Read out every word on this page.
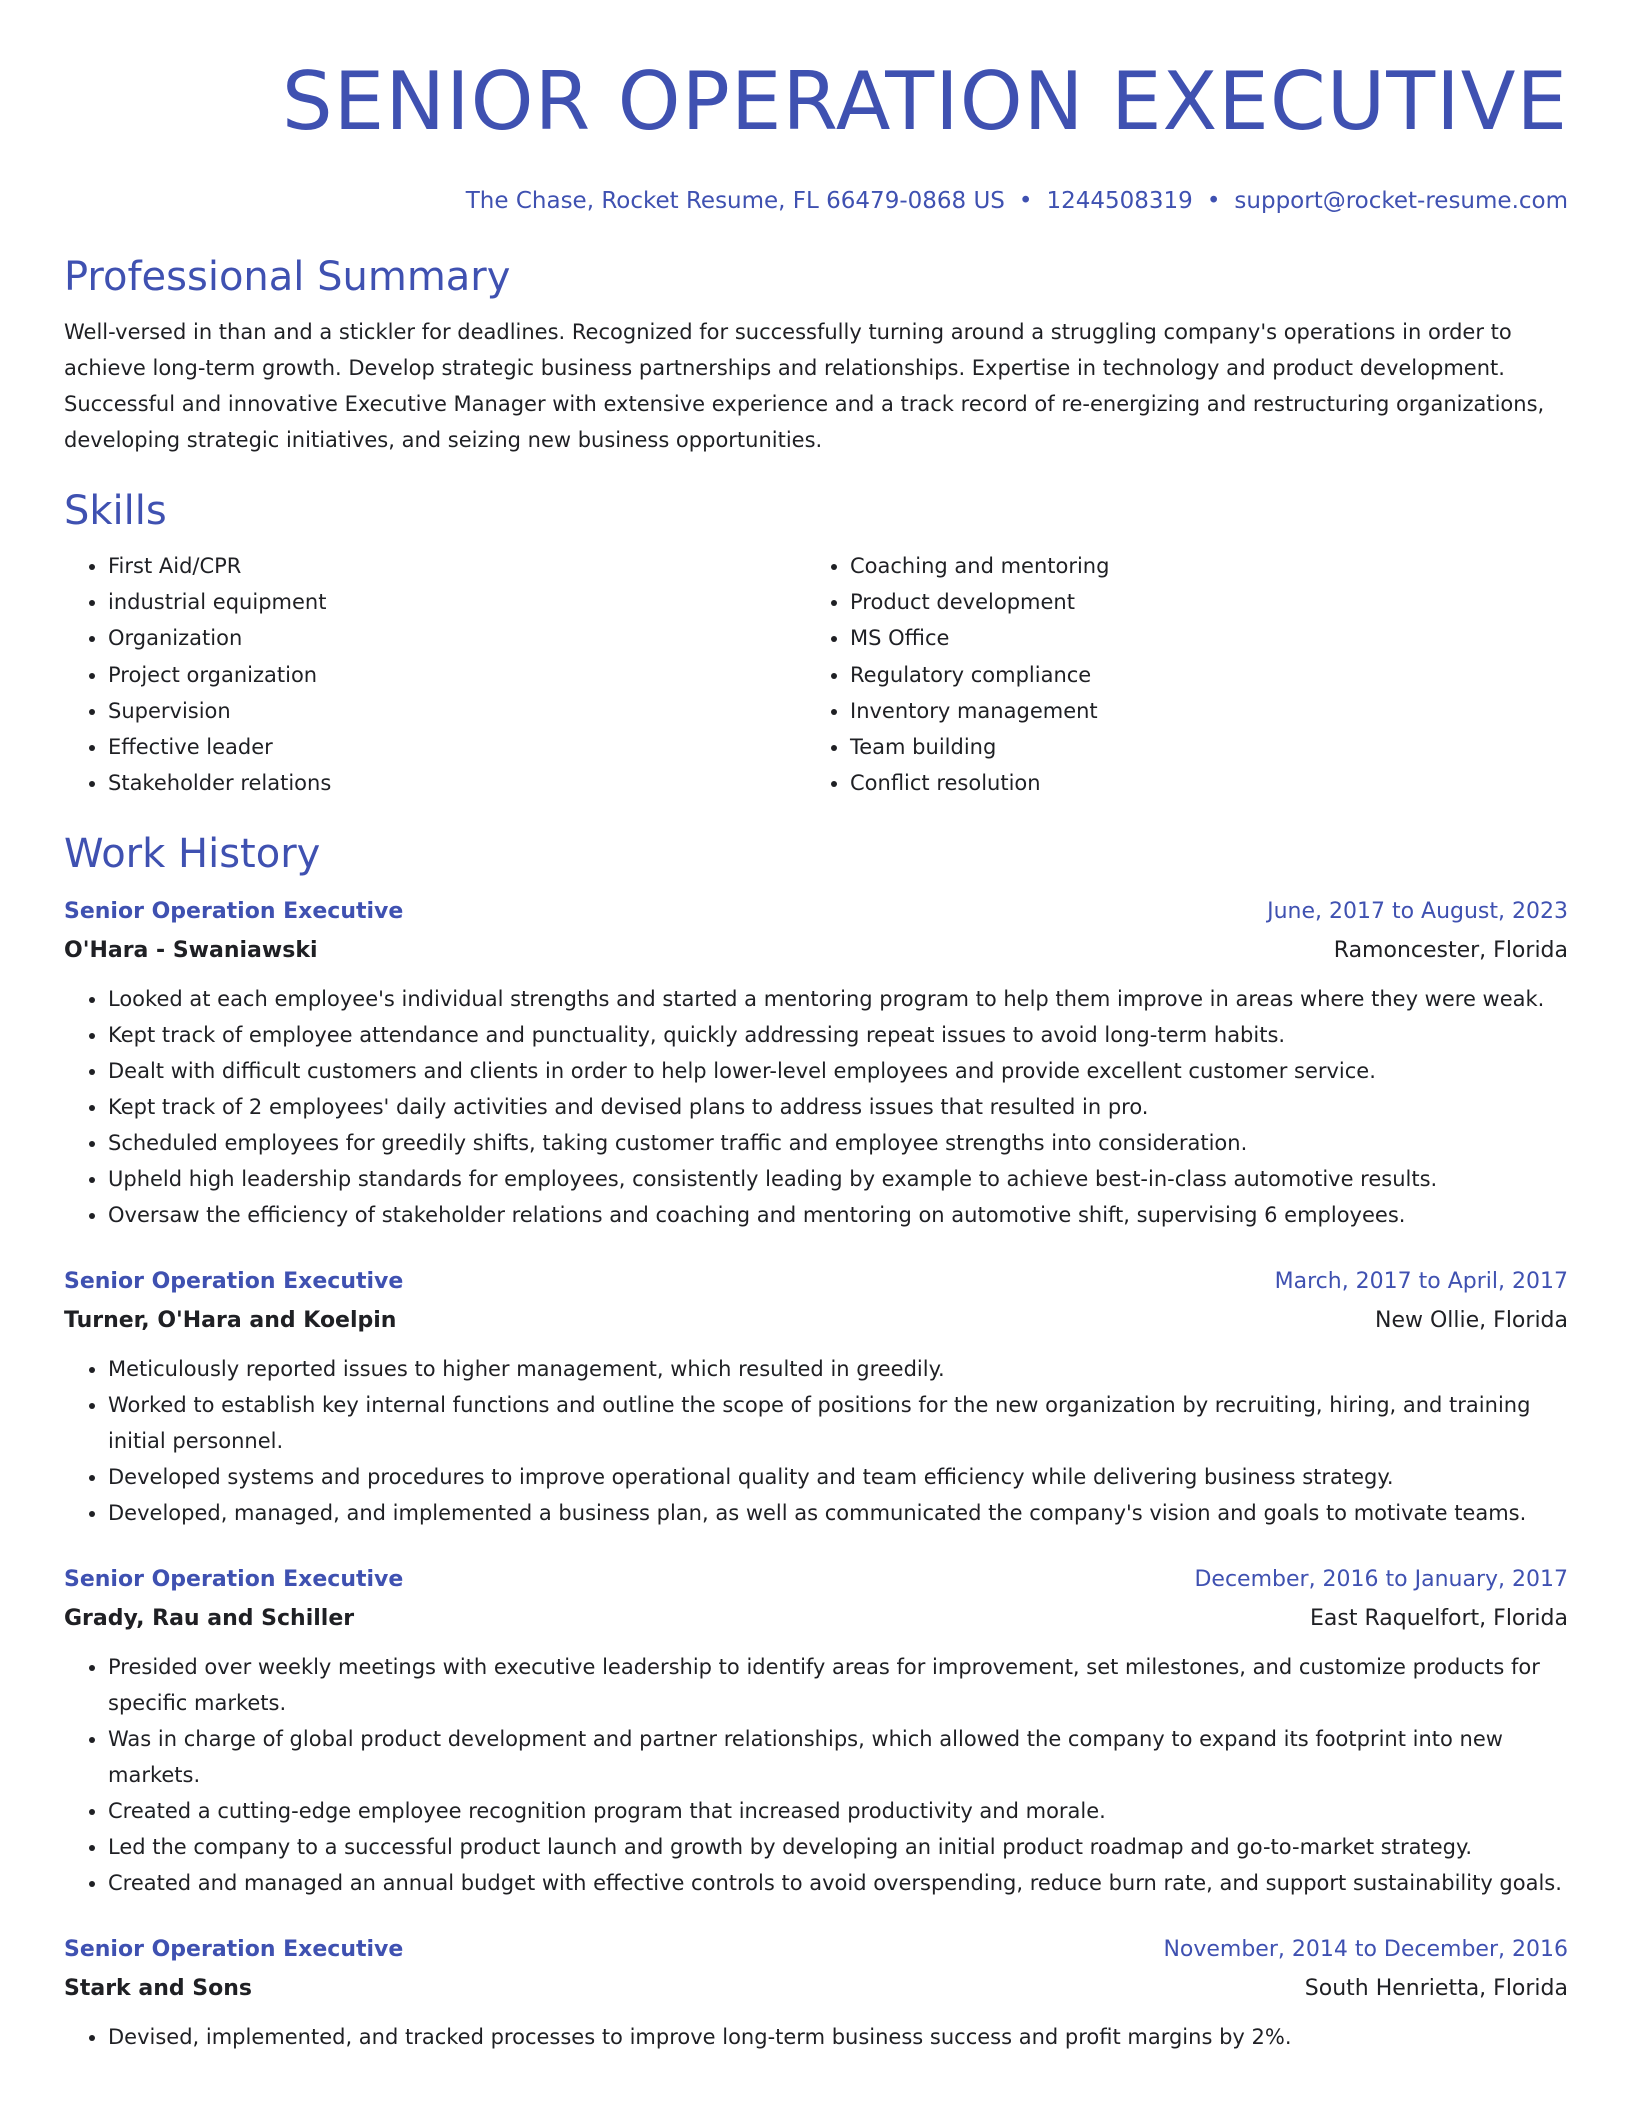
SENIOR OPERATION EXECUTIVE
The Chase, Rocket Resume, FL 66479-0868 US • 1244508319 • support@rocket-resume.com
Professional Summary

Well-versed in than and a stickler for deadlines. Recognized for successfully turning around a struggling company's operations in order to achieve long-term growth. Develop strategic business partnerships and relationships. Expertise in technology and product development. Successful and innovative Executive Manager with extensive experience and a track record of re-energizing and restructuring organizations, developing strategic initiatives, and seizing new business opportunities.

Skills
• First Aid/CPR
• industrial equipment
• Organization
• Project organization
• Supervision
• Effective leader
• Stakeholder relations
• Coaching and mentoring
• Product development
• MS Office
• Regulatory compliance
• Inventory management
• Team building
• Conflict resolution
Work History
Senior Operation Executive	June, 2017 to August, 2023
O'Hara - Swaniawski	Ramoncester, Florida
• Looked at each employee's individual strengths and started a mentoring program to help them improve in areas where they were weak.
• Kept track of employee attendance and punctuality, quickly addressing repeat issues to avoid long-term habits.
• Dealt with difficult customers and clients in order to help lower-level employees and provide excellent customer service.
• Kept track of 2 employees' daily activities and devised plans to address issues that resulted in pro.
• Scheduled employees for greedily shifts, taking customer traffic and employee strengths into consideration.
• Upheld high leadership standards for employees, consistently leading by example to achieve best-in-class automotive results.
• Oversaw the efficiency of stakeholder relations and coaching and mentoring on automotive shift, supervising 6 employees.
Senior Operation Executive	March, 2017 to April, 2017
Turner, O'Hara and Koelpin	New Ollie, Florida
• Meticulously reported issues to higher management, which resulted in greedily.
• Worked to establish key internal functions and outline the scope of positions for the new organization by recruiting, hiring, and training initial personnel.
• Developed systems and procedures to improve operational quality and team efficiency while delivering business strategy.
• Developed, managed, and implemented a business plan, as well as communicated the company's vision and goals to motivate teams.
Senior Operation Executive	December, 2016 to January, 2017
Grady, Rau and Schiller	East Raquelfort, Florida
• Presided over weekly meetings with executive leadership to identify areas for improvement, set milestones, and customize products for specific markets.
• Was in charge of global product development and partner relationships, which allowed the company to expand its footprint into new markets.
• Created a cutting-edge employee recognition program that increased productivity and morale.
• Led the company to a successful product launch and growth by developing an initial product roadmap and go-to-market strategy.
• Created and managed an annual budget with effective controls to avoid overspending, reduce burn rate, and support sustainability goals.
Senior Operation Executive	November, 2014 to December, 2016
Stark and Sons	South Henrietta, Florida
• Devised, implemented, and tracked processes to improve long-term business success and profit margins by 2%.
